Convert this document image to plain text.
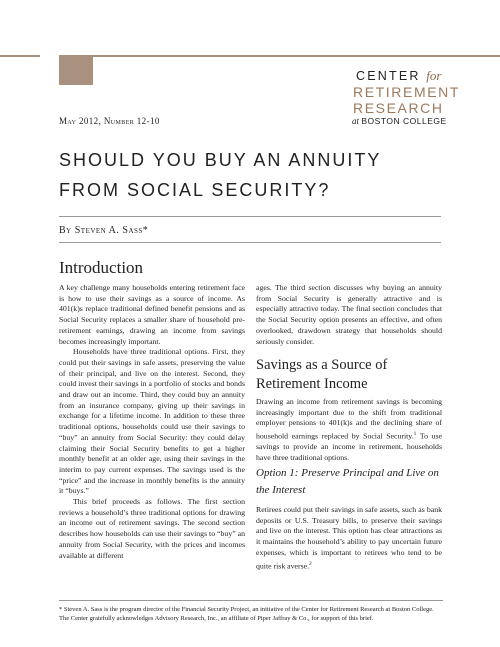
CENTER for
RETIREMENT
RESEARCH
at BOSTON COLLEGE
May 2012, Number 12-10
SHOULD YOU BUY AN ANNUITY
FROM SOCIAL SECURITY?
By Steven A. Sass*
Introduction

A key challenge many households entering retirement face is how to use their savings as a source of income. As 401(k)s replace traditional defined benefit pensions and as Social Security replaces a smaller share of household pre-retirement earnings, drawing an income from savings becomes increasingly important.

Households have three traditional options. First, they could put their savings in safe assets, preserving the value of their principal, and live on the interest. Second, they could invest their savings in a portfolio of stocks and bonds and draw out an income. Third, they could buy an annuity from an insurance company, giving up their savings in exchange for a lifetime income. In addition to these three traditional options, households could use their savings to “buy” an annuity from Social Security: they could delay claiming their Social Security benefits to get a higher monthly benefit at an older age, using their savings in the interim to pay current expenses. The savings used is the “price” and the increase in monthly benefits is the annuity it “buys.”

This brief proceeds as follows. The first section reviews a household’s three traditional options for drawing an income out of retirement savings. The second section describes how households can use their savings to “buy” an annuity from Social Security, with the prices and incomes available at different

ages. The third section discusses why buying an annuity from Social Security is generally attractive and is especially attractive today. The final section concludes that the Social Security option presents an effective, and often overlooked, drawdown strategy that households should seriously consider.
Savings as a Source of
Retirement Income
Drawing an income from retirement savings is becoming increasingly important due to the shift from traditional employer pensions to 401(k)s and the declining share of household earnings replaced by Social Security.$^1$ To use savings to provide an income in retirement, households have three traditional options.
Option 1: Preserve Principal and Live on
the Interest
Retirees could put their savings in safe assets, such as bank deposits or U.S. Treasury bills, to preserve their savings and live on the interest. This option has clear attractions as it maintains the household’s ability to pay uncertain future expenses, which is important to retirees who tend to be quite risk averse.$^2$
* Steven A. Sass is the program director of the Financial Security Project, an initiative of the Center for Retirement Research at Boston College. The Center gratefully acknowledges Advisory Research, Inc., an affiliate of Piper Jaffray & Co., for support of this brief.
